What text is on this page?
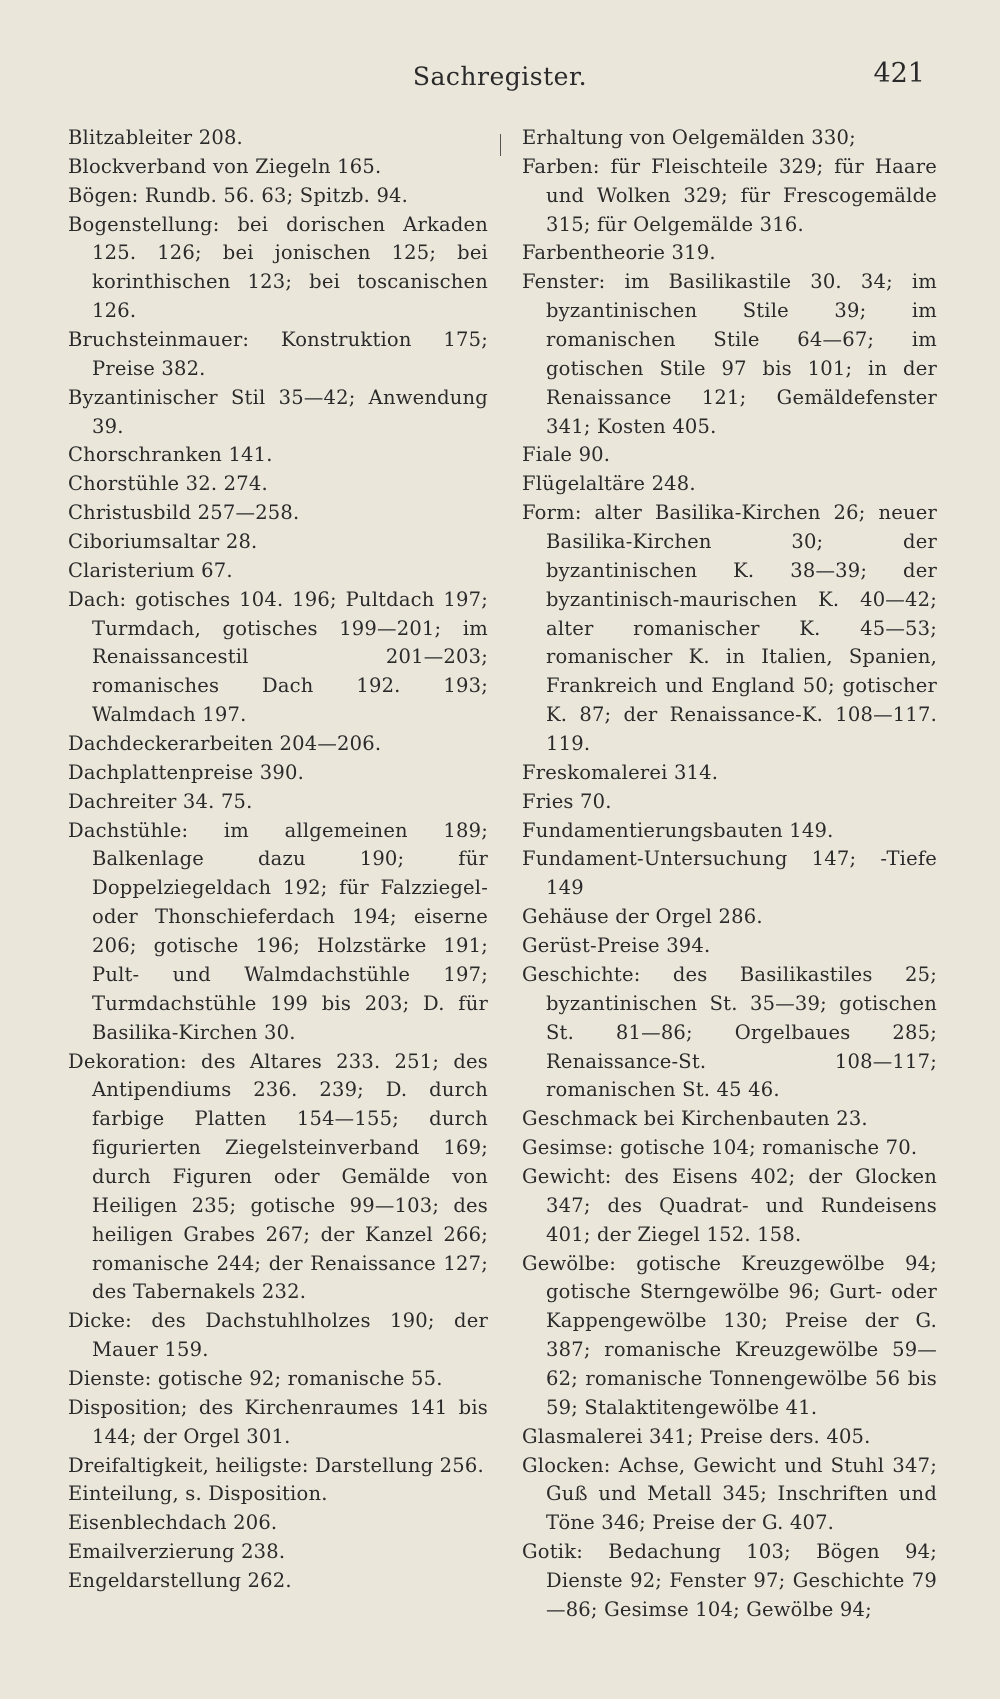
Sachregister.	421

Blitzableiter 208.

Blockverband von Ziegeln 165.

Bögen: Rundb. 56. 63; Spitzb. 94.

Bogenstellung: bei dorischen Arkaden 125. 126; bei jonischen 125; bei korinthischen 123; bei toscanischen 126.

Bruchsteinmauer: Konstruktion 175; Preise 382.

Byzantinischer Stil 35—42; Anwendung 39.

Chorschranken 141.

Chorstühle 32. 274.

Christusbild 257—258.

Ciboriumsaltar 28.

Claristerium 67.

Dach: gotisches 104. 196; Pultdach 197; Turmdach, gotisches 199—201; im Renaissancestil 201—203; romanisches Dach 192. 193; Walmdach 197.

Dachdeckerarbeiten 204—206.

Dachplattenpreise 390.

Dachreiter 34. 75.

Dachstühle: im allgemeinen 189; Balkenlage dazu 190; für Doppelziegeldach 192; für Falzziegel- oder Thonschieferdach 194; eiserne 206; gotische 196; Holzstärke 191; Pult- und Walmdachstühle 197; Turmdachstühle 199 bis 203; D. für Basilika-Kirchen 30.

Dekoration: des Altares 233. 251; des Antipendiums 236. 239; D. durch farbige Platten 154—155; durch figurierten Ziegelsteinverband 169; durch Figuren oder Gemälde von Heiligen 235; gotische 99—103; des heiligen Grabes 267; der Kanzel 266; romanische 244; der Renaissance 127; des Tabernakels 232.

Dicke: des Dachstuhlholzes 190; der Mauer 159.

Dienste: gotische 92; romanische 55.

Disposition; des Kirchenraumes 141 bis 144; der Orgel 301.

Dreifaltigkeit, heiligste: Darstellung 256.

Einteilung, s. Disposition.

Eisenblechdach 206.

Emailverzierung 238.

Engeldarstellung 262.

Erhaltung von Oelgemälden 330;

Farben: für Fleischteile 329; für Haare und Wolken 329; für Frescogemälde 315; für Oelgemälde 316.

Farbentheorie 319.

Fenster: im Basilikastile 30. 34; im byzantinischen Stile 39; im romanischen Stile 64—67; im gotischen Stile 97 bis 101; in der Renaissance 121; Gemäldefenster 341; Kosten 405.

Fiale 90.

Flügelaltäre 248.

Form: alter Basilika-Kirchen 26; neuer Basilika-Kirchen 30; der byzantinischen K. 38—39; der byzantinisch-maurischen K. 40—42; alter romanischer K. 45—53; romanischer K. in Italien, Spanien, Frankreich und England 50; gotischer K. 87; der Renaissance-K. 108—117. 119.

Freskomalerei 314.

Fries 70.

Fundamentierungsbauten 149.

Fundament-Untersuchung 147; -Tiefe 149

Gehäuse der Orgel 286.

Gerüst-Preise 394.

Geschichte: des Basilikastiles 25; byzantinischen St. 35—39; gotischen St. 81—86; Orgelbaues 285; Renaissance-St. 108—117; romanischen St. 45 46.

Geschmack bei Kirchenbauten 23.

Gesimse: gotische 104; romanische 70.

Gewicht: des Eisens 402; der Glocken 347; des Quadrat- und Rundeisens 401; der Ziegel 152. 158.

Gewölbe: gotische Kreuzgewölbe 94; gotische Sterngewölbe 96; Gurt- oder Kappengewölbe 130; Preise der G. 387; romanische Kreuzgewölbe 59—62; romanische Tonnengewölbe 56 bis 59; Stalaktitengewölbe 41.

Glasmalerei 341; Preise ders. 405.

Glocken: Achse, Gewicht und Stuhl 347; Guß und Metall 345; Inschriften und Töne 346; Preise der G. 407.

Gotik: Bedachung 103; Bögen 94; Dienste 92; Fenster 97; Geschichte 79—86; Gesimse 104; Gewölbe 94;
